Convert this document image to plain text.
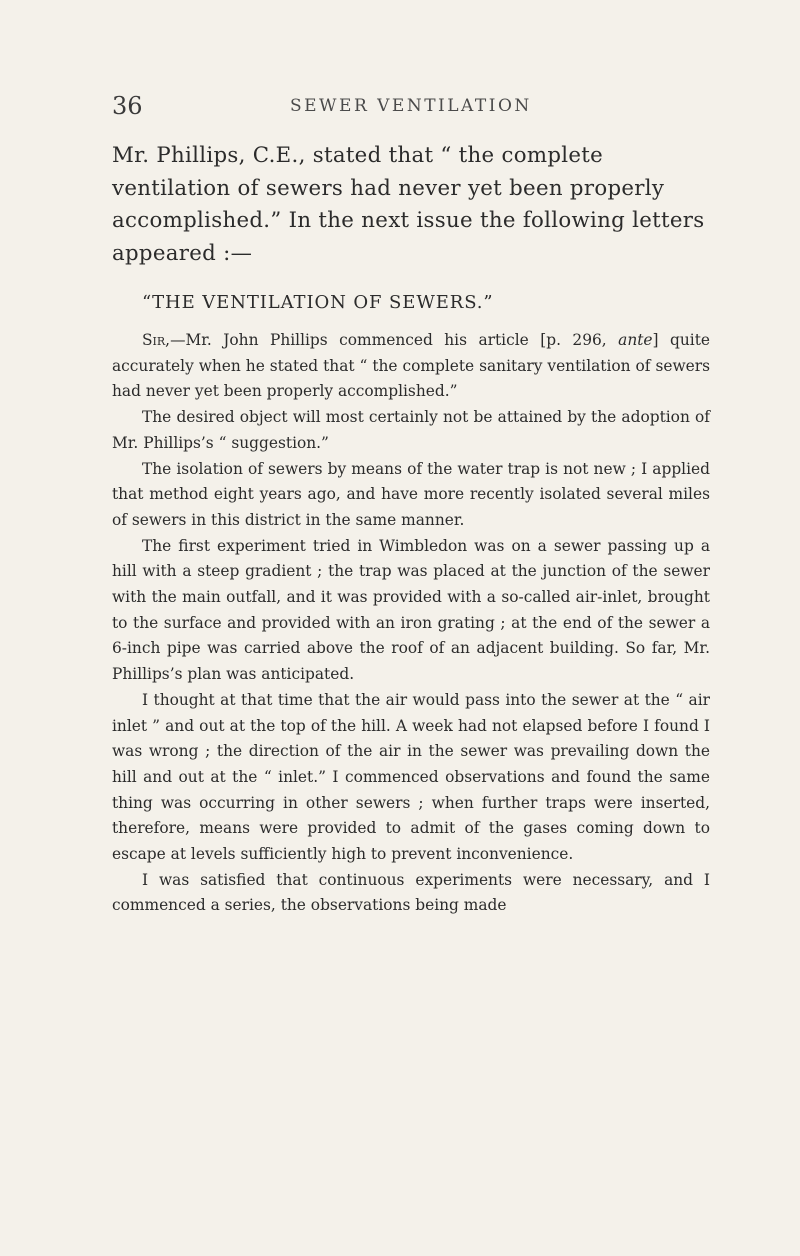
36	SEWER VENTILATION

Mr. Phillips, C.E., stated that “ the complete ventilation of sewers had never yet been properly accomplished.” In the next issue the following letters appeared :—

“THE VENTILATION OF SEWERS.”

Sir,—Mr. John Phillips commenced his article [p. 296, ante] quite accurately when he stated that “ the complete sanitary ventilation of sewers had never yet been properly accomplished.”

The desired object will most certainly not be attained by the adoption of Mr. Phillips’s “ suggestion.”

The isolation of sewers by means of the water trap is not new ; I applied that method eight years ago, and have more recently isolated several miles of sewers in this district in the same manner.

The first experiment tried in Wimbledon was on a sewer passing up a hill with a steep gradient ; the trap was placed at the junction of the sewer with the main outfall, and it was provided with a so-called air-inlet, brought to the surface and provided with an iron grating ; at the end of the sewer a 6-inch pipe was carried above the roof of an adjacent building. So far, Mr. Phillips’s plan was anticipated.

I thought at that time that the air would pass into the sewer at the “ air inlet ” and out at the top of the hill. A week had not elapsed before I found I was wrong ; the direction of the air in the sewer was prevailing down the hill and out at the “ inlet.” I commenced observations and found the same thing was occurring in other sewers ; when further traps were inserted, therefore, means were provided to admit of the gases coming down to escape at levels sufficiently high to prevent inconvenience.

I was satisfied that continuous experiments were necessary, and I commenced a series, the observations being made
